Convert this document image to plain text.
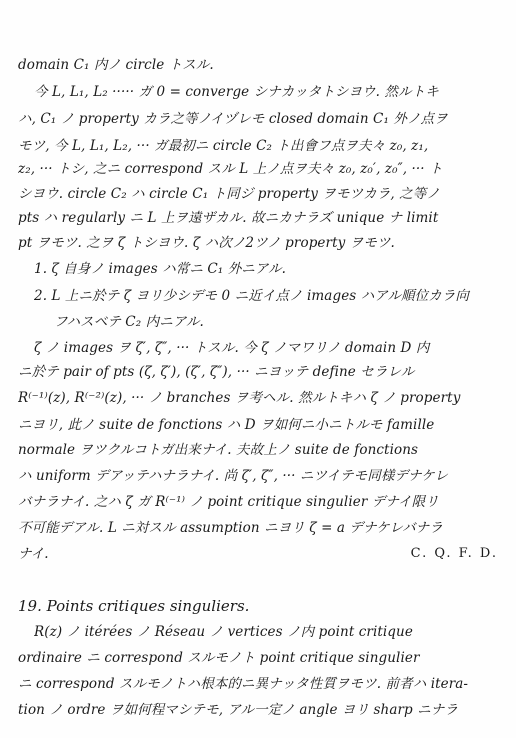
domain C₁ 内ノ circle トスル.
今 L, L₁, L₂ ····· ガ 0 = converge シナカッタトシヨウ. 然ルトキ
ハ, C₁ ノ property カラ之等ノイヅレモ closed domain C₁ 外ノ点ヲ
モツ, 今 L, L₁, L₂, ··· ガ最初ニ circle C₂ ト出會フ点ヲ夫々 z₀, z₁,
z₂, ··· トシ, 之ニ correspond スル L 上ノ点ヲ夫々 z₀, z₀′, z₀″, ··· ト
シヨウ. circle C₂ ハ circle C₁ ト同ジ property ヲモツカラ, 之等ノ
pts ハ regularly ニ L 上ヲ遠ザカル. 故ニカナラズ unique ナ limit
pt ヲモツ. 之ヲ ζ トシヨウ. ζ ハ次ノ2ツノ property ヲモツ.
1. ζ 自身ノ images ハ常ニ C₁ 外ニアル.
2. L 上ニ於テ ζ ヨリ少シデモ 0 ニ近イ点ノ images ハアル順位カラ向
フハスベテ C₂ 内ニアル.
ζ ノ images ヲ ζ′, ζ″, ··· トスル. 今 ζ ノマワリノ domain D 内
ニ於テ pair of pts (ζ, ζ′), (ζ′, ζ″), ··· ニヨッテ define セラレル
R⁽⁻¹⁾(z), R⁽⁻²⁾(z), ··· ノ branches ヲ考ヘル. 然ルトキハ ζ ノ property
ニヨリ, 此ノ suite de fonctions ハ D ヲ如何ニ小ニトルモ famille
normale ヲツクルコトガ出来ナイ. 夫故上ノ suite de fonctions
ハ uniform デアッテハナラナイ. 尚 ζ′, ζ″, ··· ニツイテモ同様デナケレ
バナラナイ. 之ハ ζ ガ R⁽⁻¹⁾ ノ point critique singulier デナイ限リ
不可能デアル. L ニ対スル assumption ニヨリ ζ = a デナケレバナラ
ナイ.	C. Q. F. D.
19. Points critiques singuliers.
R(z) ノ itérées ノ Réseau ノ vertices ノ内 point critique
ordinaire ニ correspond スルモノト point critique singulier
ニ correspond スルモノトハ根本的ニ異ナッタ性質ヲモツ. 前者ハ itera-
tion ノ ordre ヲ如何程マシテモ, アル一定ノ angle ヨリ sharp ニナラ
